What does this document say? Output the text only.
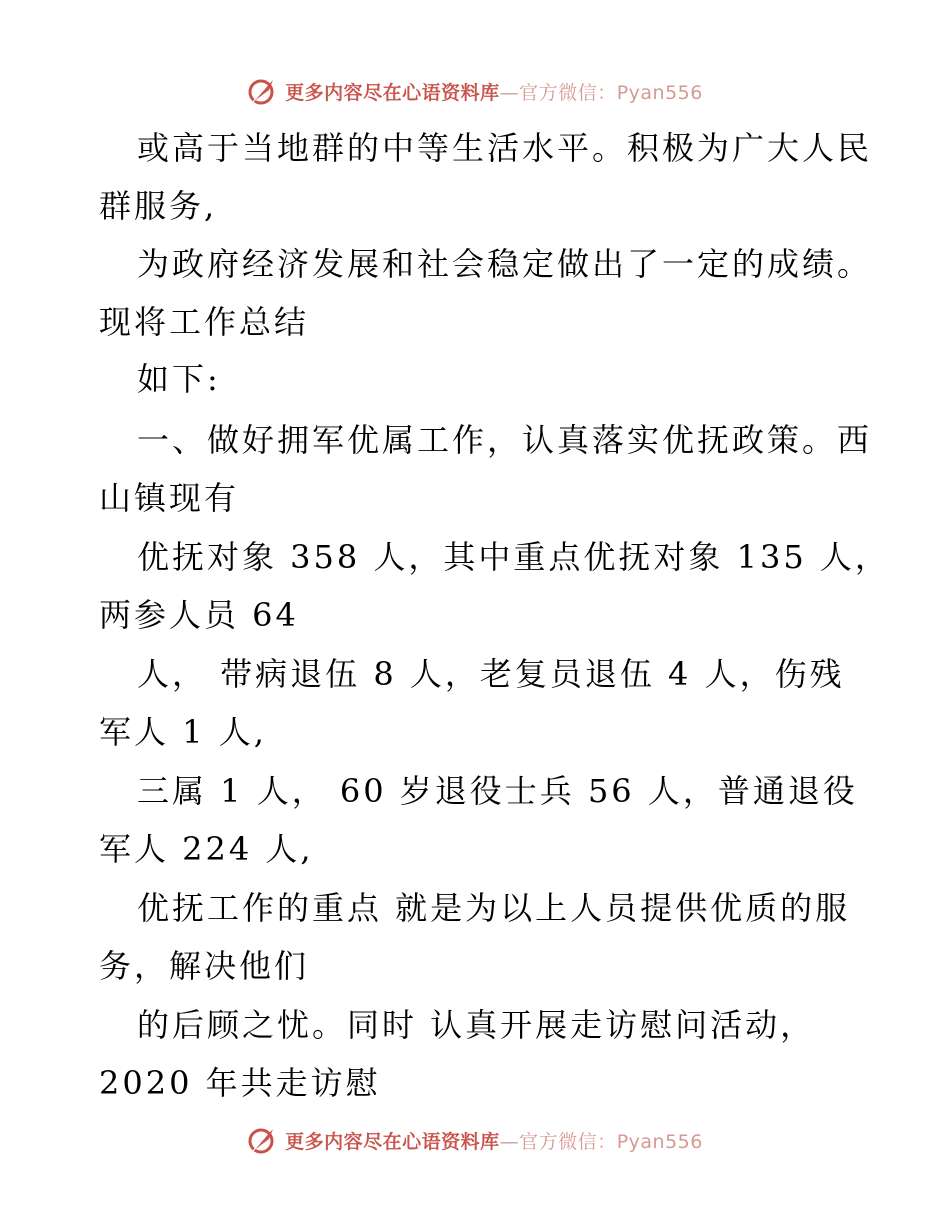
更多内容尽在心语资料库—官方微信：Pyan556
或高于当地群的中等生活水平。积极为广大人民
群服务,
为政府经济发展和社会稳定做出了一定的成绩。
现将工作总结
如下:
一、做好拥军优属工作，认真落实优抚政策。西
山镇现有
优抚对象 358 人，其中重点优抚对象 135 人，
两参人员 64
人， 带病退伍 8 人，老复员退伍 4 人，伤残
军人 1 人,
三属 1 人， 60 岁退役士兵 56 人，普通退役
军人 224 人,
优抚工作的重点 就是为以上人员提供优质的服
务，解决他们
的后顾之忧。同时 认真开展走访慰问活动，
2020 年共走访慰
更多内容尽在心语资料库—官方微信：Pyan556
